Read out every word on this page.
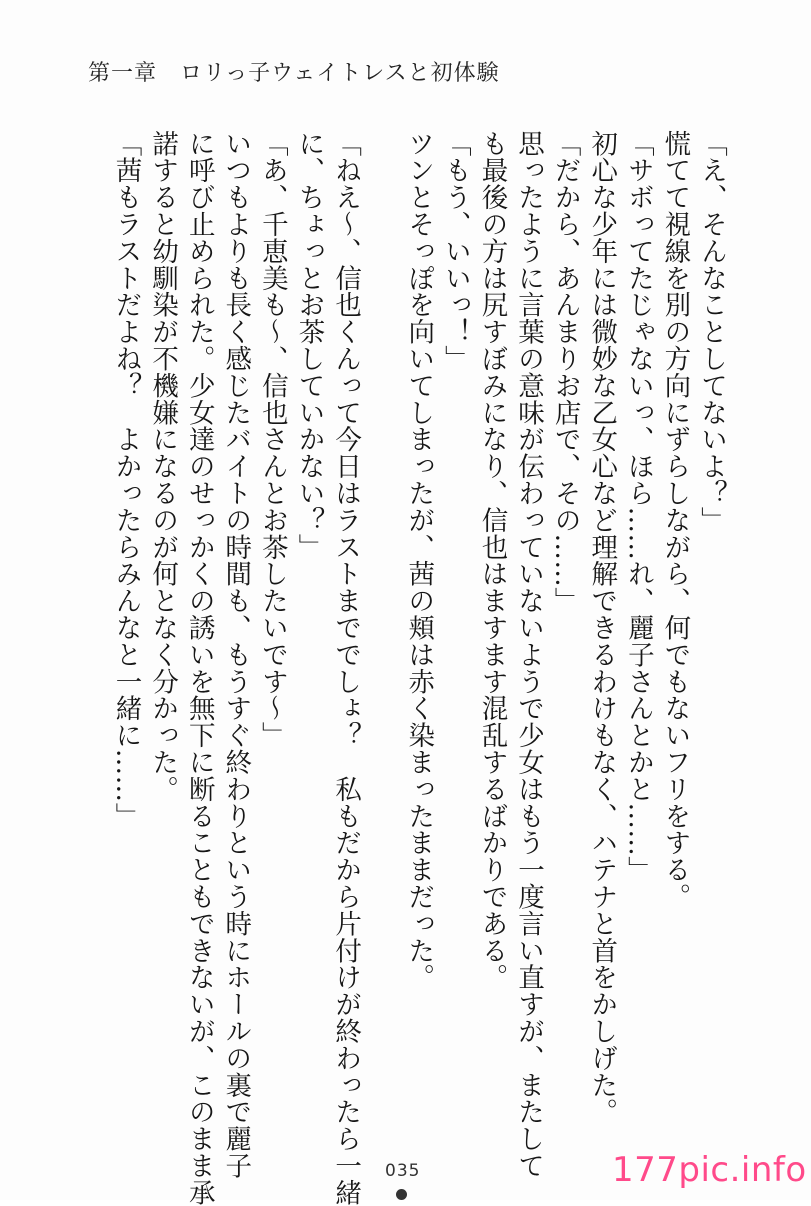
第一章　ロリっ子ウェイトレスと初体験
「え、そんなことしてないよ？」
慌てて視線を別の方向にずらしながら、何でもないフリをする。
「サボってたじゃないっ、ほら……れ、麗子さんとかと……」
初心な少年には微妙な乙女心など理解できるわけもなく、ハテナと首をかしげた。
「だから、あんまりお店で、その……」
思ったように言葉の意味が伝わっていないようで少女はもう一度言い直すが、またして
も最後の方は尻すぼみになり、信也はますます混乱するばかりである。
「もう、いいっ！」
ツンとそっぽを向いてしまったが、茜の頬は赤く染まったままだった。
「ねえ～、信也くんって今日はラストまででしょ？　私もだから片付けが終わったら一緒
に、ちょっとお茶していかない？」
「あ、千恵美も～、信也さんとお茶したいです～」
いつもよりも長く感じたバイトの時間も、もうすぐ終わりという時にホールの裏で麗子
に呼び止められた。少女達のせっかくの誘いを無下に断ることもできないが、このまま承
諾すると幼馴染が不機嫌になるのが何となく分かった。
「茜もラストだよね？　よかったらみんなと一緒に……」
035	177pic.info
